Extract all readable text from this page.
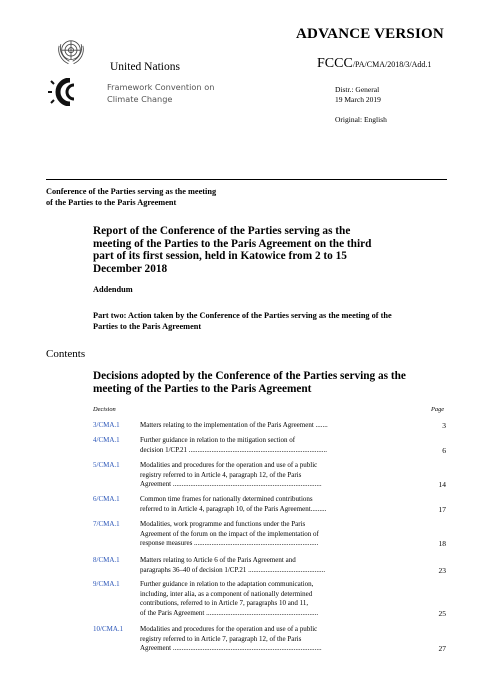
United Nations
ADVANCE VERSION
FCCC/PA/CMA/2018/3/Add.1
Framework Convention on
Climate Change
Distr.: General
19 March 2019
Original: English
Conference of the Parties serving as the meeting
of the Parties to the Paris Agreement
Report of the Conference of the Parties serving as the meeting of the Parties to the Paris Agreement on the third part of its first session, held in Katowice from 2 to 15 December 2018
Addendum
Part two: Action taken by the Conference of the Parties serving as the meeting of the Parties to the Paris Agreement
Contents
Decisions adopted by the Conference of the Parties serving as the meeting of the Parties to the Paris Agreement
Decision	Page
3/CMA.1	Matters relating to the implementation of the Paris Agreement .......	3
4/CMA.1	Further guidance in relation to the mitigation section of
decision 1/CP.21 ...............................................................................	6
5/CMA.1	Modalities and procedures for the operation and use of a public
registry referred to in Article 4, paragraph 12, of the Paris
Agreement .....................................................................................	14
6/CMA.1	Common time frames for nationally determined contributions
referred to in Article 4, paragraph 10, of the Paris Agreement.........	17
7/CMA.1	Modalities, work programme and functions under the Paris
Agreement of the forum on the impact of the implementation of
response measures .......................................................................	18
8/CMA.1	Matters relating to Article 6 of the Paris Agreement and
paragraphs 36–40 of decision 1/CP.21 ............................................	23
9/CMA.1	Further guidance in relation to the adaptation communication,
including, inter alia, as a component of nationally determined
contributions, referred to in Article 7, paragraphs 10 and 11,
of the Paris Agreement ................................................................	25
10/CMA.1 Modalities and procedures for the operation and use of a public
registry referred to in Article 7, paragraph 12, of the Paris
Agreement .....................................................................................	27
